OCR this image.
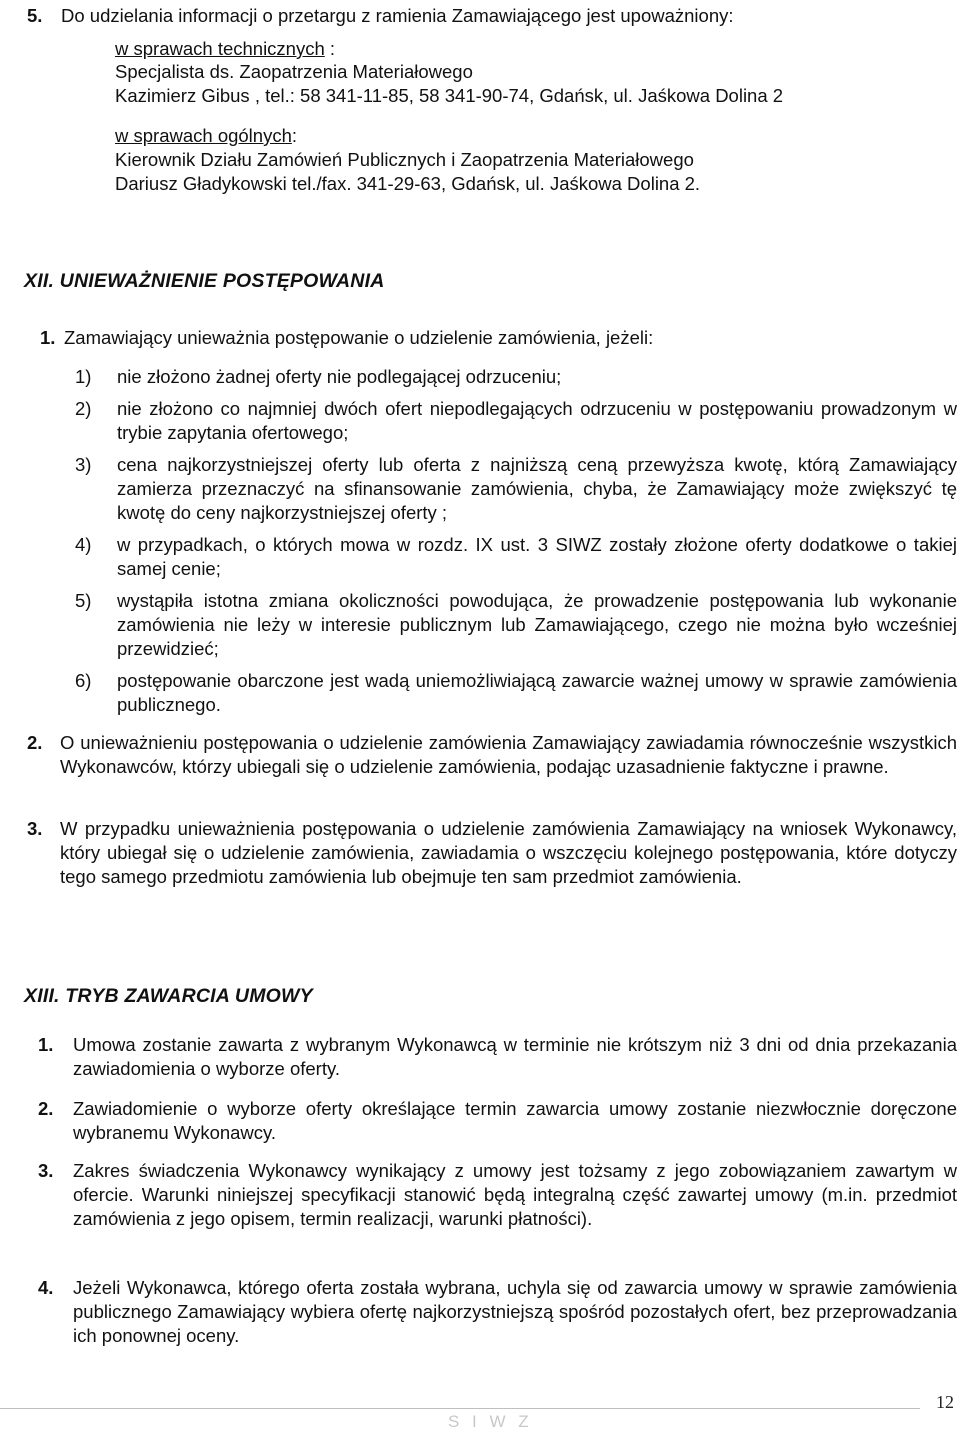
5. Do udzielania informacji o przetargu z ramienia Zamawiającego jest upoważniony:
w sprawach technicznych :
Specjalista ds. Zaopatrzenia Materiałowego
Kazimierz Gibus , tel.: 58 341-11-85, 58 341-90-74, Gdańsk, ul. Jaśkowa Dolina 2
w sprawach ogólnych:
Kierownik Działu Zamówień Publicznych i Zaopatrzenia Materiałowego
Dariusz Gładykowski tel./fax. 341-29-63, Gdańsk, ul. Jaśkowa Dolina 2.
XII. UNIEWAŻNIENIE POSTĘPOWANIA
1. Zamawiający unieważnia postępowanie o udzielenie zamówienia, jeżeli:
1) nie złożono żadnej oferty nie podlegającej odrzuceniu;

2) nie złożono co najmniej dwóch ofert niepodlegających odrzuceniu w postępowaniu prowadzonym w trybie zapytania ofertowego;

3) cena najkorzystniejszej oferty lub oferta z najniższą ceną przewyższa kwotę, którą Zamawiający zamierza przeznaczyć na sfinansowanie zamówienia, chyba, że Zamawiający może zwiększyć tę kwotę do ceny najkorzystniejszej oferty ;

4) w przypadkach, o których mowa w rozdz. IX ust. 3 SIWZ zostały złożone oferty dodatkowe o takiej samej cenie;

5) wystąpiła istotna zmiana okoliczności powodująca, że prowadzenie postępowania lub wykonanie zamówienia nie leży w interesie publicznym lub Zamawiającego, czego nie można było wcześniej przewidzieć;

6) postępowanie obarczone jest wadą uniemożliwiającą zawarcie ważnej umowy w sprawie zamówienia publicznego.

2. O unieważnieniu postępowania o udzielenie zamówienia Zamawiający zawiadamia równocześnie wszystkich Wykonawców, którzy ubiegali się o udzielenie zamówienia, podając uzasadnienie faktyczne i prawne.

3. W przypadku unieważnienia postępowania o udzielenie zamówienia Zamawiający na wniosek Wykonawcy, który ubiegał się o udzielenie zamówienia, zawiadamia o wszczęciu kolejnego postępowania, które dotyczy tego samego przedmiotu zamówienia lub obejmuje ten sam przedmiot zamówienia.

XIII. TRYB ZAWARCIA UMOWY
1. Umowa zostanie zawarta z wybranym Wykonawcą w terminie nie krótszym niż 3 dni od dnia przekazania zawiadomienia o wyborze oferty.

2. Zawiadomienie o wyborze oferty określające termin zawarcia umowy zostanie niezwłocznie doręczone wybranemu Wykonawcy.

3. Zakres świadczenia Wykonawcy wynikający z umowy jest tożsamy z jego zobowiązaniem zawartym w ofercie. Warunki niniejszej specyfikacji stanowić będą integralną część zawartej umowy (m.in. przedmiot zamówienia z jego opisem, termin realizacji, warunki płatności).

4. Jeżeli Wykonawca, którego oferta została wybrana, uchyla się od zawarcia umowy w sprawie zamówienia publicznego Zamawiający wybiera ofertę najkorzystniejszą spośród pozostałych ofert, bez przeprowadzania ich ponownej oceny.

12
S I W Z
